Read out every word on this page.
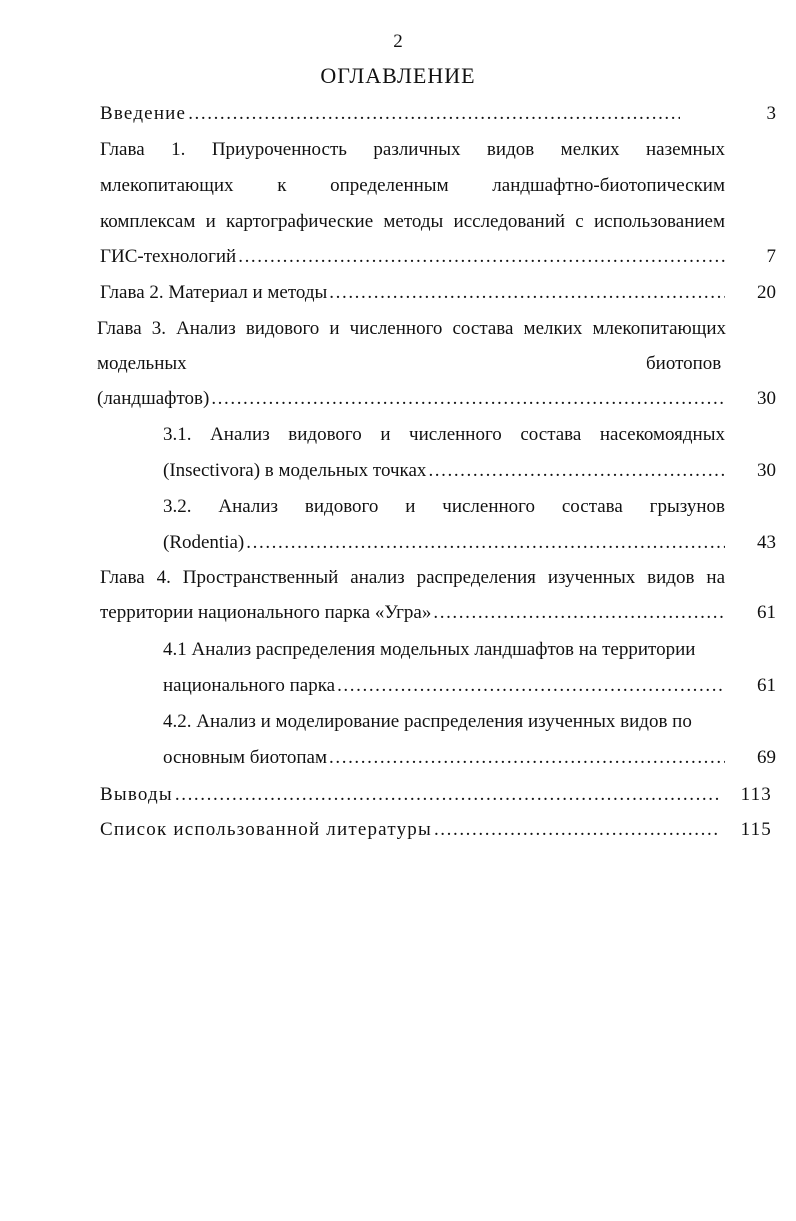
2
ОГЛАВЛЕНИЕ
Введение .....	3
Глава 1. Приуроченность различных видов мелких наземных
млекопитающих к определенным ландшафтно-биотопическим
комплексам и картографические методы исследований с использованием
ГИС-технологий .....	7
Глава 2. Материал и методы .....	20
Глава 3. Анализ видового и численного состава мелких млекопитающих
модельных	биотопов
(ландшафтов) .....	30
3.1. Анализ видового и численного состава насекомоядных
(Insectivora) в модельных точках .....	30
3.2. Анализ видового и численного состава грызунов
(Rodentia) .....	43
Глава 4. Пространственный анализ распределения изученных видов на
территории национального парка «Угра» .....	61
4.1 Анализ распределения модельных ландшафтов на территории
национального парка .....	61
4.2. Анализ и моделирование распределения изученных видов по
основным биотопам .....	69
Выводы .....	113
Список использованной литературы .....	115
